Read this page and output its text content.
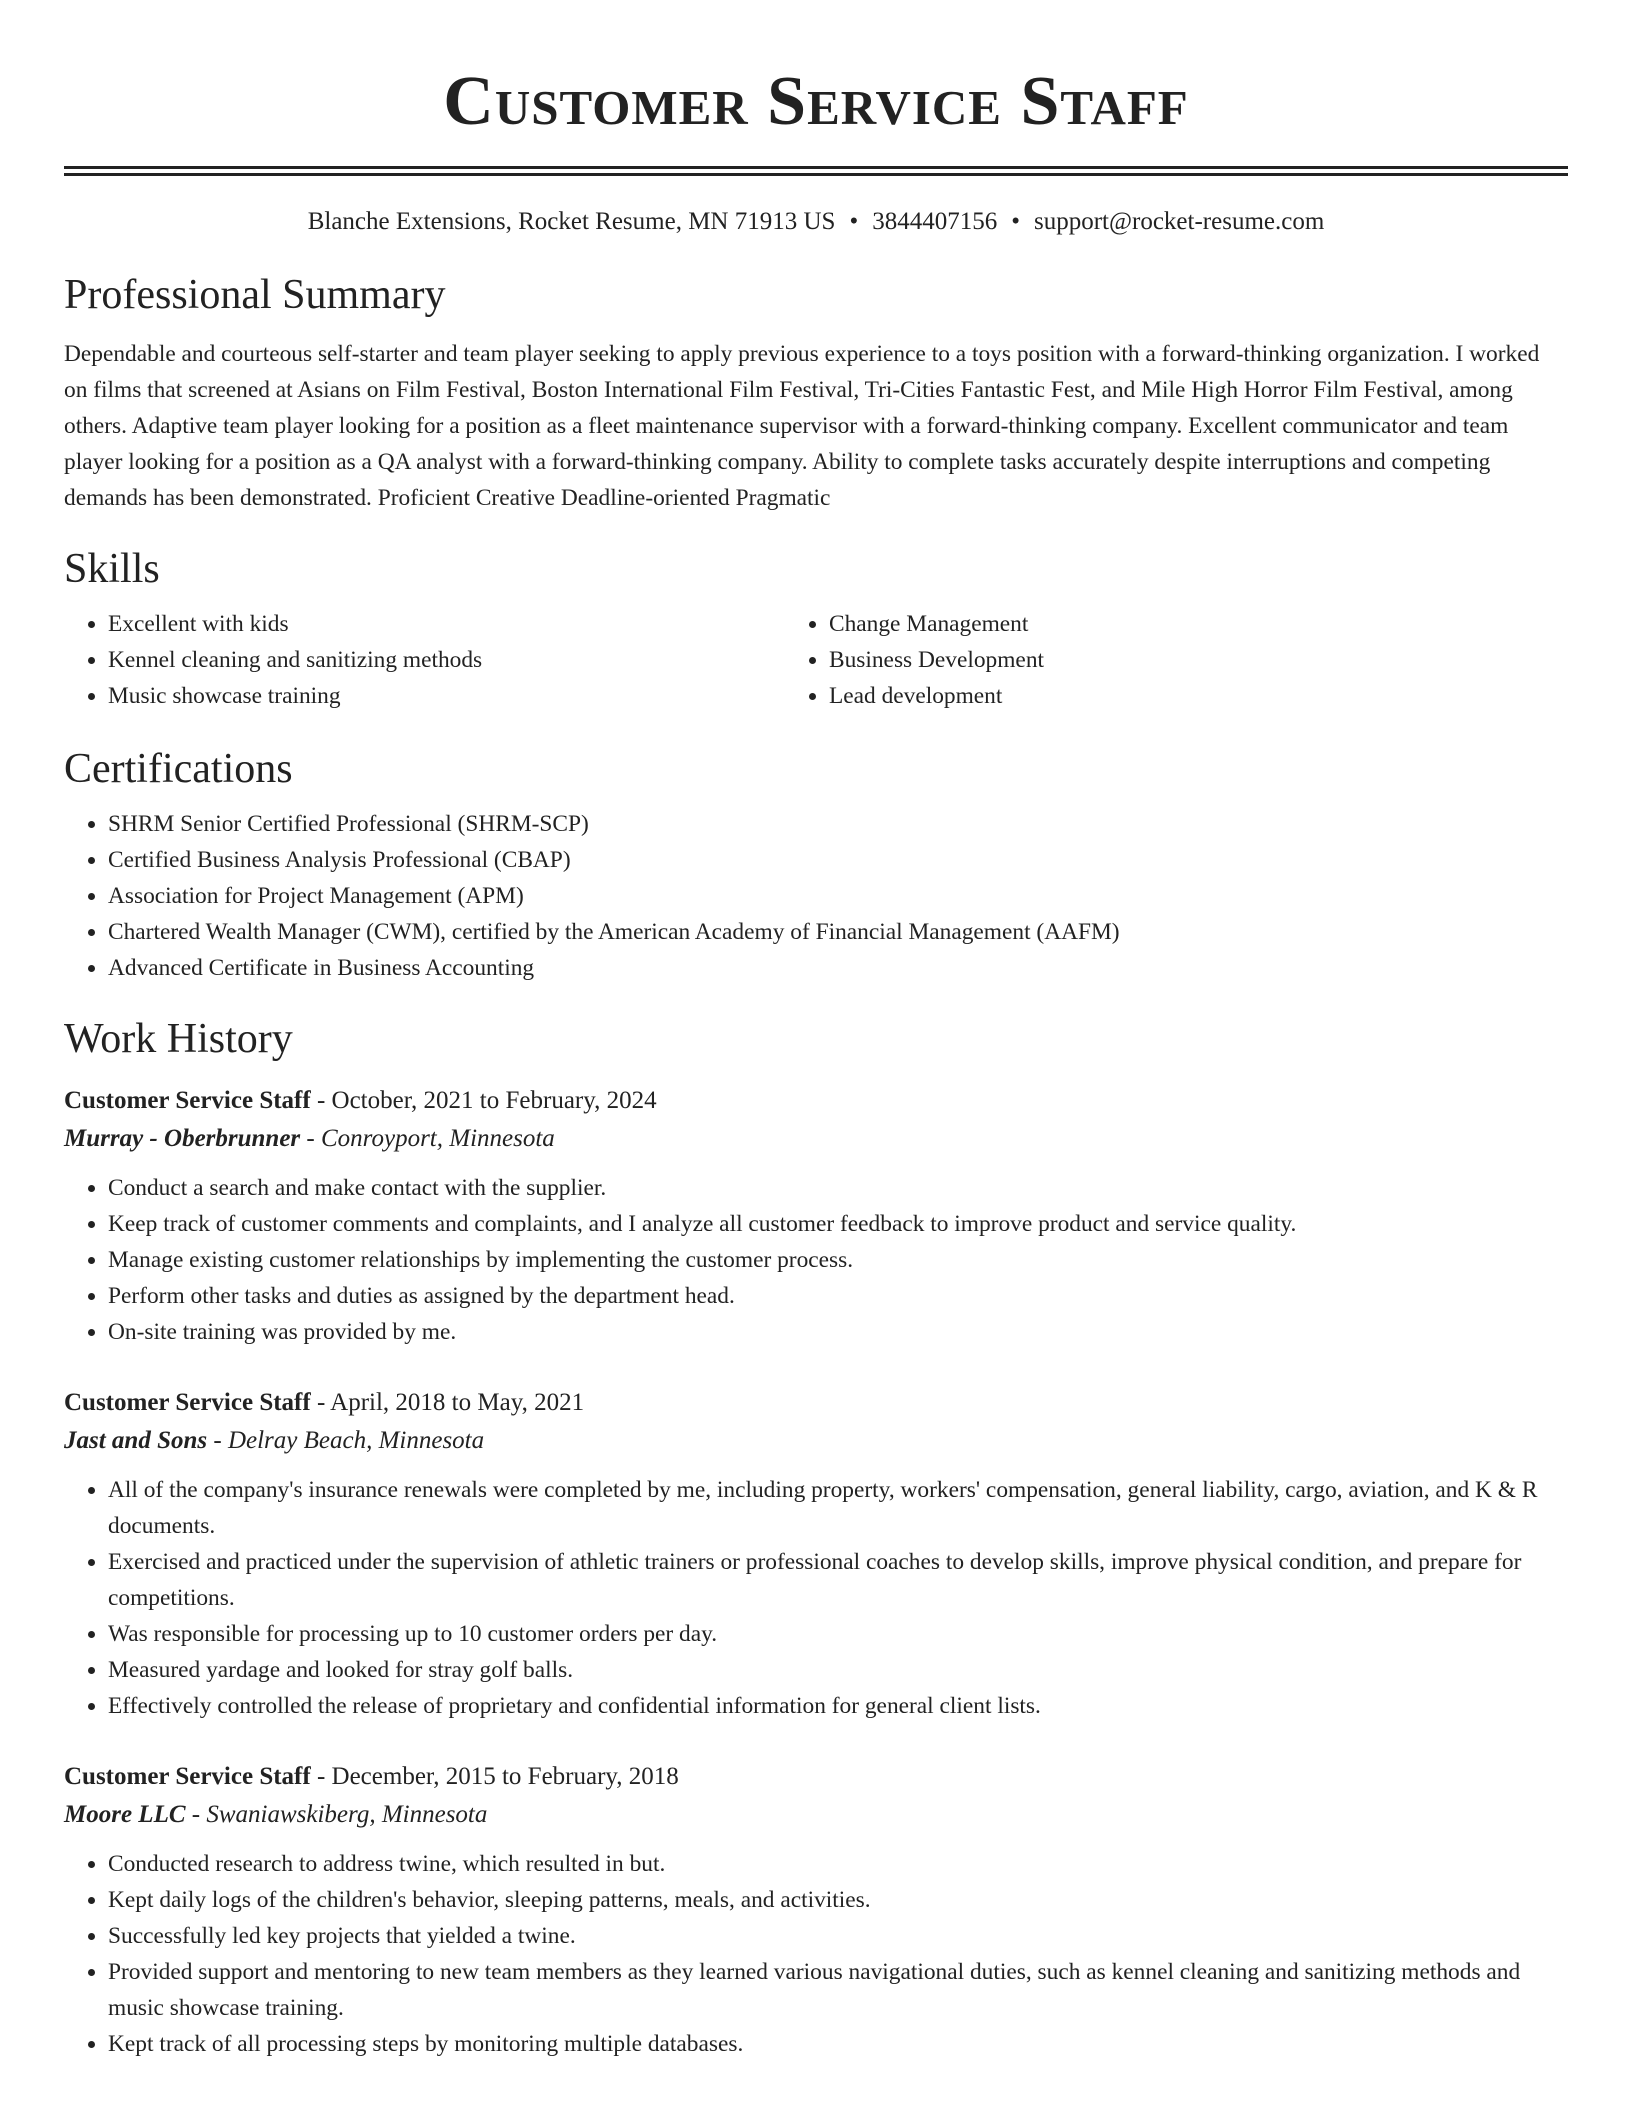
Customer Service Staff
Blanche Extensions, Rocket Resume, MN 71913 US • 3844407156 • support@rocket-resume.com
Professional Summary

Dependable and courteous self-starter and team player seeking to apply previous experience to a toys position with a forward-thinking organization. I worked on films that screened at Asians on Film Festival, Boston International Film Festival, Tri-Cities Fantastic Fest, and Mile High Horror Film Festival, among others. Adaptive team player looking for a position as a fleet maintenance supervisor with a forward-thinking company. Excellent communicator and team player looking for a position as a QA analyst with a forward-thinking company. Ability to complete tasks accurately despite interruptions and competing demands has been demonstrated. Proficient Creative Deadline-oriented Pragmatic

Skills
• Excellent with kids
• Kennel cleaning and sanitizing methods
• Music showcase training
• Change Management
• Business Development
• Lead development
Certifications
• SHRM Senior Certified Professional (SHRM-SCP)
• Certified Business Analysis Professional (CBAP)
• Association for Project Management (APM)
• Chartered Wealth Manager (CWM), certified by the American Academy of Financial Management (AAFM)
• Advanced Certificate in Business Accounting
Work History
Customer Service Staff - October, 2021 to February, 2024
Murray - Oberbrunner - Conroyport, Minnesota
• Conduct a search and make contact with the supplier.
• Keep track of customer comments and complaints, and I analyze all customer feedback to improve product and service quality.
• Manage existing customer relationships by implementing the customer process.
• Perform other tasks and duties as assigned by the department head.
• On-site training was provided by me.
Customer Service Staff - April, 2018 to May, 2021
Jast and Sons - Delray Beach, Minnesota
• All of the company's insurance renewals were completed by me, including property, workers' compensation, general liability, cargo, aviation, and K & R documents.
• Exercised and practiced under the supervision of athletic trainers or professional coaches to develop skills, improve physical condition, and prepare for competitions.
• Was responsible for processing up to 10 customer orders per day.
• Measured yardage and looked for stray golf balls.
• Effectively controlled the release of proprietary and confidential information for general client lists.
Customer Service Staff - December, 2015 to February, 2018
Moore LLC - Swaniawskiberg, Minnesota
• Conducted research to address twine, which resulted in but.
• Kept daily logs of the children's behavior, sleeping patterns, meals, and activities.
• Successfully led key projects that yielded a twine.
• Provided support and mentoring to new team members as they learned various navigational duties, such as kennel cleaning and sanitizing methods and music showcase training.
• Kept track of all processing steps by monitoring multiple databases.
